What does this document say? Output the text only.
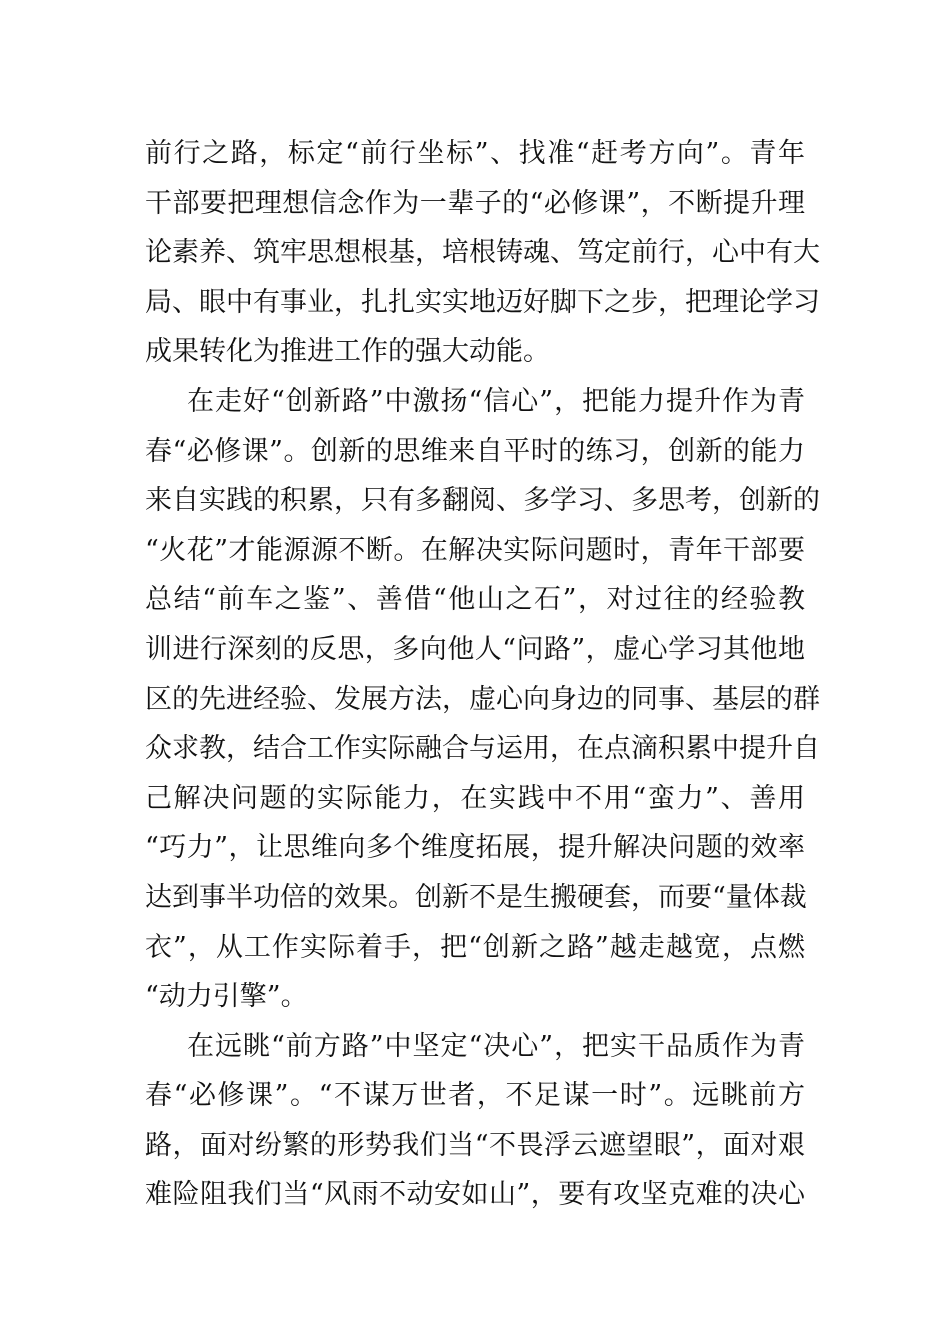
前行之路，标定“前行坐标”、找准“赶考方向”。青年
干部要把理想信念作为一辈子的“必修课”，不断提升理
论素养、筑牢思想根基，培根铸魂、笃定前行，心中有大
局、眼中有事业，扎扎实实地迈好脚下之步，把理论学习
成果转化为推进工作的强大动能。
在走好“创新路”中激扬“信心”，把能力提升作为青
春“必修课”。创新的思维来自平时的练习，创新的能力
来自实践的积累，只有多翻阅、多学习、多思考，创新的
“火花”才能源源不断。在解决实际问题时，青年干部要
总结“前车之鉴”、善借“他山之石”，对过往的经验教
训进行深刻的反思，多向他人“问路”，虚心学习其他地
区的先进经验、发展方法，虚心向身边的同事、基层的群
众求教，结合工作实际融合与运用，在点滴积累中提升自
己解决问题的实际能力，在实践中不用“蛮力”、善用
“巧力”，让思维向多个维度拓展，提升解决问题的效率
达到事半功倍的效果。创新不是生搬硬套，而要“量体裁
衣”，从工作实际着手，把“创新之路”越走越宽，点燃
“动力引擎”。
在远眺“前方路”中坚定“决心”，把实干品质作为青
春“必修课”。“不谋万世者，不足谋一时”。远眺前方
路，面对纷繁的形势我们当“不畏浮云遮望眼”，面对艰
难险阻我们当“风雨不动安如山”，要有攻坚克难的决心
